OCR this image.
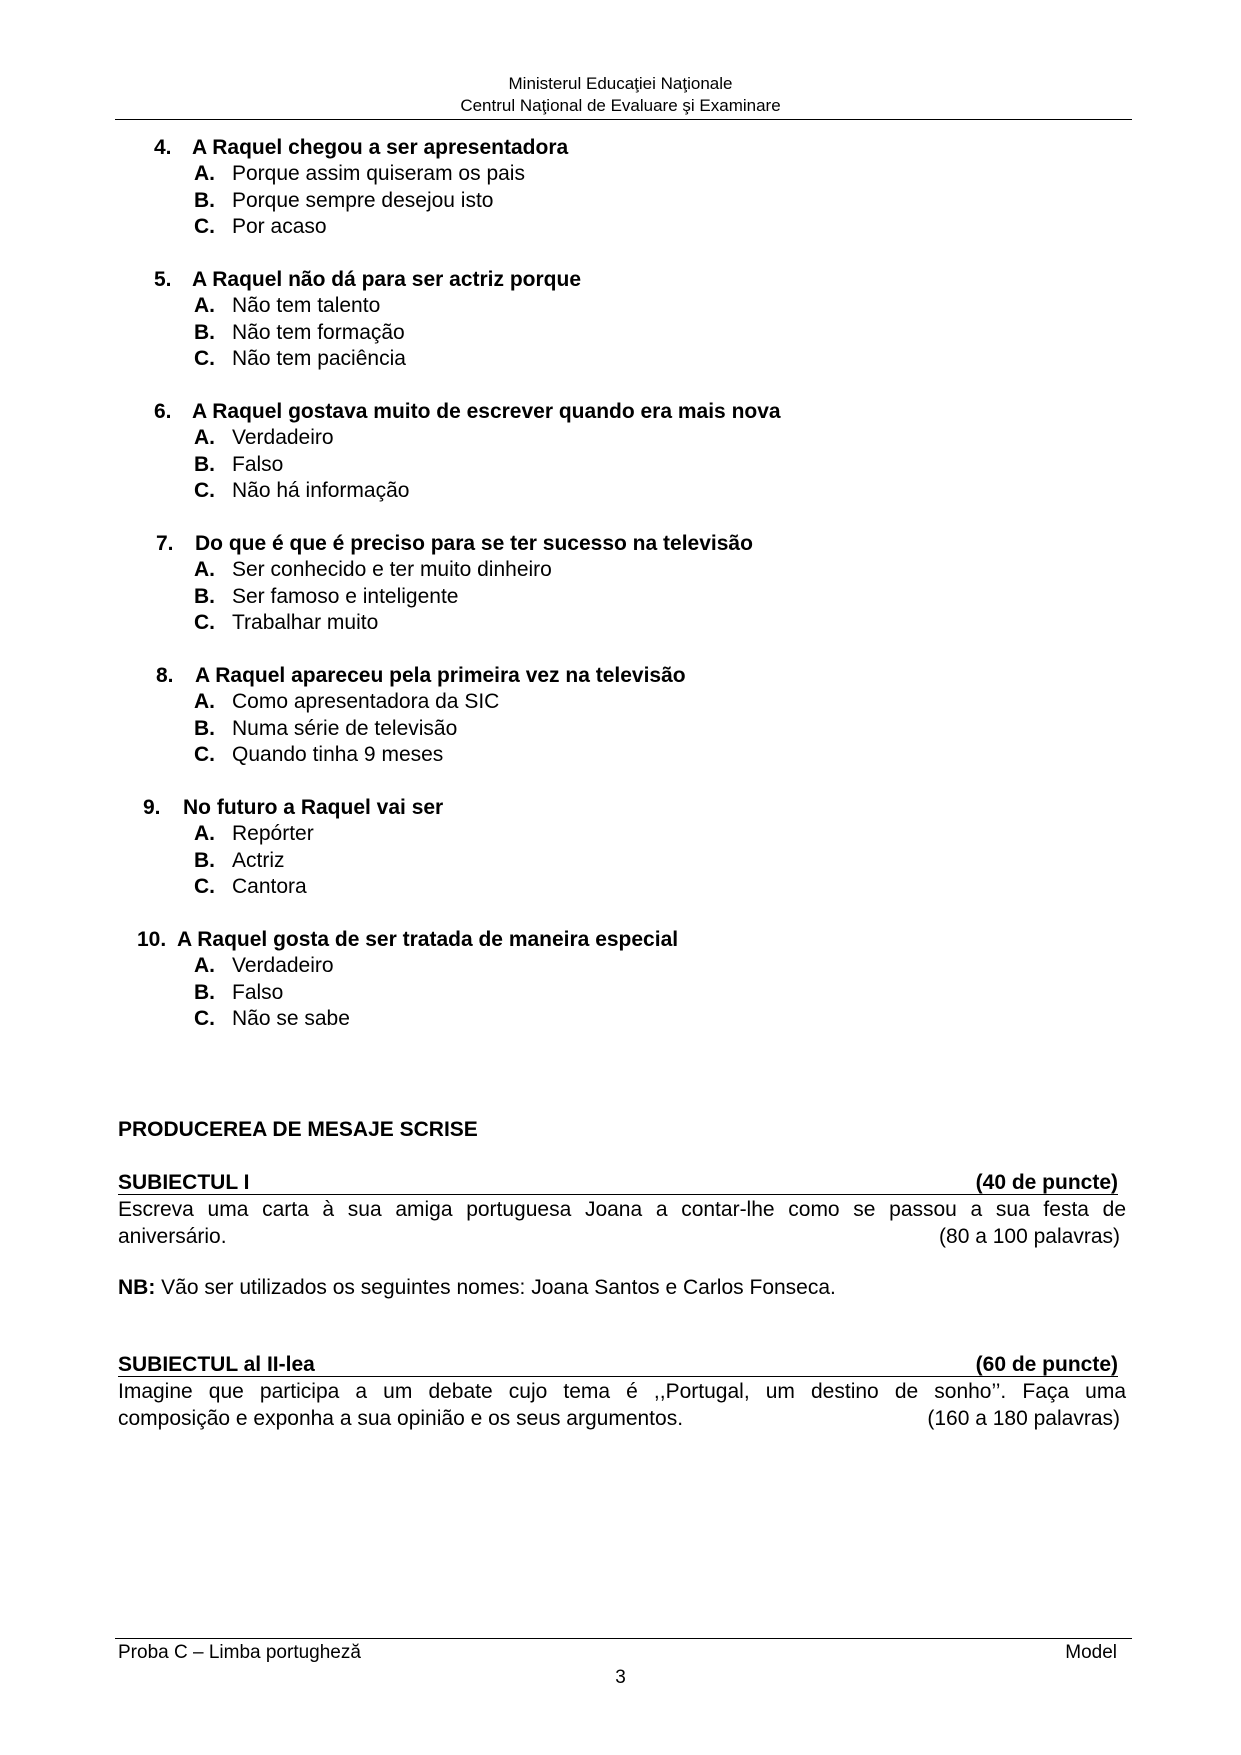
Ministerul Educaţiei Naţionale
Centrul Naţional de Evaluare şi Examinare
4. A Raquel chegou a ser apresentadora
A. Porque assim quiseram os pais
B. Porque sempre desejou isto
C. Por acaso
5. A Raquel não dá para ser actriz porque
A. Não tem talento
B. Não tem formação
C. Não tem paciência
6. A Raquel gostava muito de escrever quando era mais nova
A. Verdadeiro
B. Falso
C. Não há informação
7. Do que é que é preciso para se ter sucesso na televisão
A. Ser conhecido e ter muito dinheiro
B. Ser famoso e inteligente
C. Trabalhar muito
8. A Raquel apareceu pela primeira vez na televisão
A. Como apresentadora da SIC
B. Numa série de televisão
C. Quando tinha 9 meses
9. No futuro a Raquel vai ser
A. Repórter
B. Actriz
C. Cantora
10. A Raquel gosta de ser tratada de maneira especial
A. Verdadeiro
B. Falso
C. Não se sabe
PRODUCEREA DE MESAJE SCRISE
SUBIECTUL I	(40 de puncte)
Escreva uma carta à sua amiga portuguesa Joana a contar-lhe como se passou a sua festa de
aniversário.	(80 a 100 palavras)
NB: Vão ser utilizados os seguintes nomes: Joana Santos e Carlos Fonseca.
SUBIECTUL al II-lea	(60 de puncte)
Imagine que participa a um debate cujo tema é ,,Portugal, um destino de sonho’’. Faça uma
composição e exponha a sua opinião e os seus argumentos.	(160 a 180 palavras)
Proba C – Limba portugheză	Model
3
